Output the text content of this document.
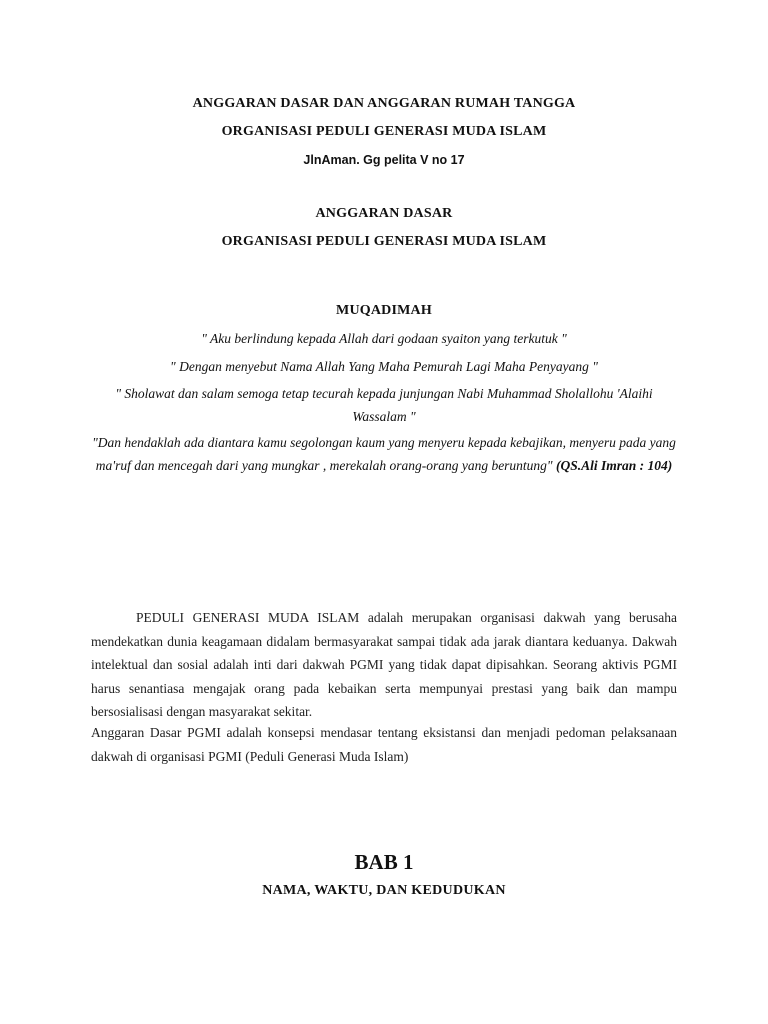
ANGGARAN DASAR DAN ANGGARAN RUMAH TANGGA
ORGANISASI PEDULI GENERASI MUDA ISLAM
JlnAman. Gg pelita V no 17
ANGGARAN DASAR
ORGANISASI PEDULI GENERASI MUDA ISLAM
MUQADIMAH
" Aku berlindung kepada Allah dari godaan syaiton yang terkutuk "
" Dengan menyebut Nama Allah Yang Maha Pemurah Lagi Maha Penyayang "
" Sholawat dan salam semoga tetap tecurah kepada junjungan Nabi Muhammad Sholallohu 'Alaihi Wassalam "
"Dan hendaklah ada diantara kamu segolongan kaum yang menyeru kepada kebajikan, menyeru pada yang ma'ruf dan mencegah dari yang mungkar , merekalah orang-orang yang beruntung" (QS.Ali Imran : 104)
PEDULI GENERASI MUDA ISLAM adalah merupakan organisasi dakwah yang berusaha mendekatkan dunia keagamaan didalam bermasyarakat sampai tidak ada jarak diantara keduanya. Dakwah intelektual dan sosial adalah inti dari dakwah PGMI yang tidak dapat dipisahkan. Seorang aktivis PGMI harus senantiasa mengajak orang pada kebaikan serta mempunyai prestasi yang baik dan mampu bersosialisasi dengan masyarakat sekitar.
Anggaran Dasar PGMI adalah konsepsi mendasar tentang eksistansi dan menjadi pedoman pelaksanaan dakwah di organisasi PGMI (Peduli Generasi Muda Islam)
BAB 1
NAMA, WAKTU, DAN KEDUDUKAN
